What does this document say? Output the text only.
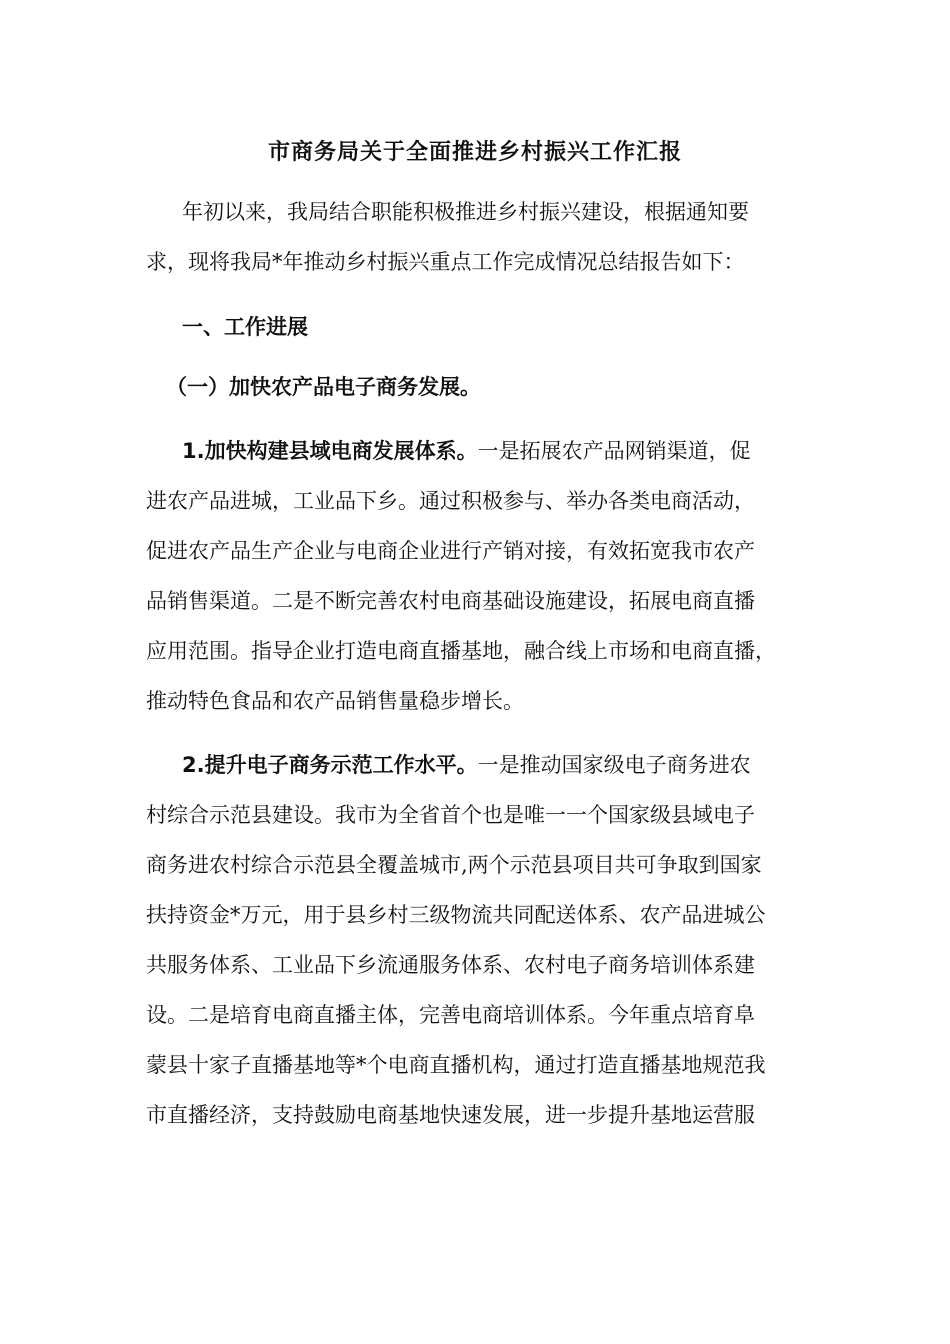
市商务局关于全面推进乡村振兴工作汇报
年初以来，我局结合职能积极推进乡村振兴建设，根据通知要
求，现将我局*年推动乡村振兴重点工作完成情况总结报告如下：
一、工作进展
（一）加快农产品电子商务发展。
1.加快构建县域电商发展体系。一是拓展农产品网销渠道，促
进农产品进城，工业品下乡。通过积极参与、举办各类电商活动，
促进农产品生产企业与电商企业进行产销对接，有效拓宽我市农产
品销售渠道。二是不断完善农村电商基础设施建设，拓展电商直播
应用范围。指导企业打造电商直播基地，融合线上市场和电商直播，
推动特色食品和农产品销售量稳步增长。
2.提升电子商务示范工作水平。一是推动国家级电子商务进农
村综合示范县建设。我市为全省首个也是唯一一个国家级县域电子
商务进农村综合示范县全覆盖城市,两个示范县项目共可争取到国家
扶持资金*万元，用于县乡村三级物流共同配送体系、农产品进城公
共服务体系、工业品下乡流通服务体系、农村电子商务培训体系建
设。二是培育电商直播主体，完善电商培训体系。今年重点培育阜
蒙县十家子直播基地等*个电商直播机构，通过打造直播基地规范我
市直播经济，支持鼓励电商基地快速发展，进一步提升基地运营服
